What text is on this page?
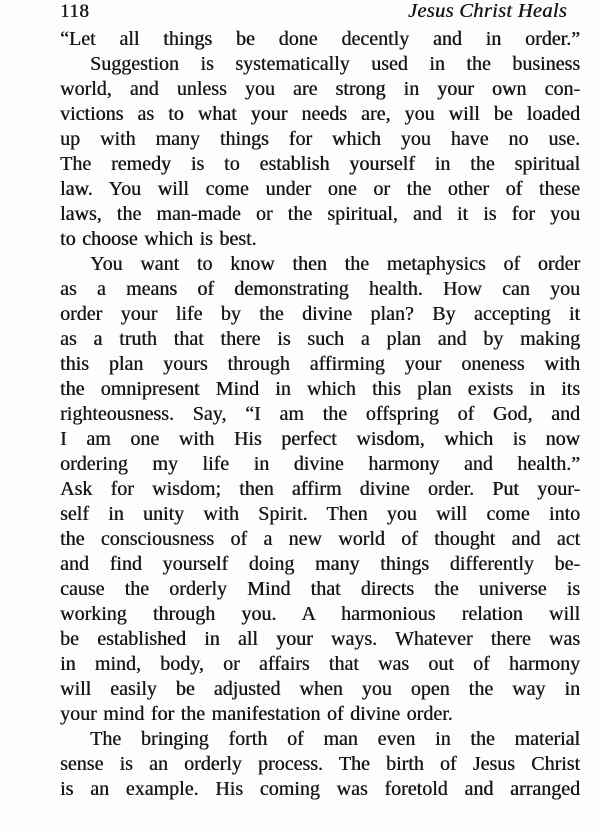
118	Jesus Christ Heals
“Let all things be done decently and in order.”
Suggestion is systematically used in the business
world, and unless you are strong in your own con-
victions as to what your needs are, you will be loaded
up with many things for which you have no use.
The remedy is to establish yourself in the spiritual
law. You will come under one or the other of these
laws, the man-made or the spiritual, and it is for you
to choose which is best.
You want to know then the metaphysics of order
as a means of demonstrating health. How can you
order your life by the divine plan? By accepting it
as a truth that there is such a plan and by making
this plan yours through affirming your oneness with
the omnipresent Mind in which this plan exists in its
righteousness. Say, “I am the offspring of God, and
I am one with His perfect wisdom, which is now
ordering my life in divine harmony and health.”
Ask for wisdom; then affirm divine order. Put your-
self in unity with Spirit. Then you will come into
the consciousness of a new world of thought and act
and find yourself doing many things differently be-
cause the orderly Mind that directs the universe is
working through you. A harmonious relation will
be established in all your ways. Whatever there was
in mind, body, or affairs that was out of harmony
will easily be adjusted when you open the way in
your mind for the manifestation of divine order.
The bringing forth of man even in the material
sense is an orderly process. The birth of Jesus Christ
is an example. His coming was foretold and arranged
